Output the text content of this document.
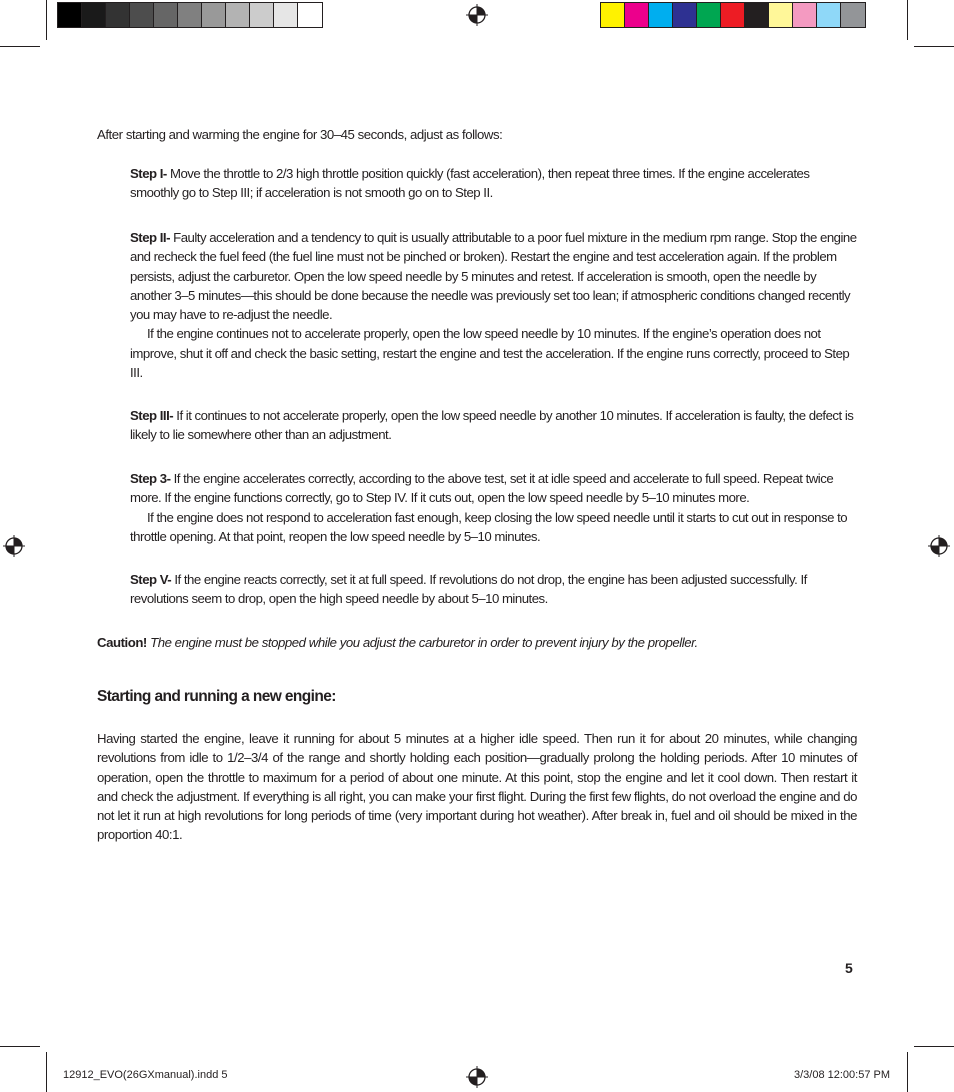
After starting and warming the engine for 30–45 seconds, adjust as follows:

Step I- Move the throttle to 2/3 high throttle position quickly (fast acceleration), then repeat three times. If the engine accelerates smoothly go to Step III; if acceleration is not smooth go on to Step II.
Step II- Faulty acceleration and a tendency to quit is usually attributable to a poor fuel mixture in the medium rpm range. Stop the engine and recheck the fuel feed (the fuel line must not be pinched or broken). Restart the engine and test acceleration again. If the problem persists, adjust the carburetor. Open the low speed needle by 5 minutes and retest. If acceleration is smooth, open the needle by another 3–5 minutes—this should be done because the needle was previously set too lean; if atmospheric conditions changed recently you may have to re-adjust the needle.
If the engine continues not to accelerate properly, open the low speed needle by 10 minutes. If the engine’s operation does not improve, shut it off and check the basic setting, restart the engine and test the acceleration. If the engine runs correctly, proceed to Step III.
Step III- If it continues to not accelerate properly, open the low speed needle by another 10 minutes. If acceleration is faulty, the defect is likely to lie somewhere other than an adjustment.
Step 3- If the engine accelerates correctly, according to the above test, set it at idle speed and accelerate to full speed. Repeat twice more. If the engine functions correctly, go to Step IV. If it cuts out, open the low speed needle by 5–10 minutes more.
If the engine does not respond to acceleration fast enough, keep closing the low speed needle until it starts to cut out in response to throttle opening. At that point, reopen the low speed needle by 5–10 minutes.
Step V- If the engine reacts correctly, set it at full speed. If revolutions do not drop, the engine has been adjusted successfully. If revolutions seem to drop, open the high speed needle by about 5–10 minutes.

Caution! The engine must be stopped while you adjust the carburetor in order to prevent injury by the propeller.

Starting and running a new engine:

Having started the engine, leave it running for about 5 minutes at a higher idle speed. Then run it for about 20 minutes, while changing revolutions from idle to 1/2–3/4 of the range and shortly holding each position—gradually prolong the holding periods. After 10 minutes of operation, open the throttle to maximum for a period of about one minute. At this point, stop the engine and let it cool down. Then restart it and check the adjustment. If everything is all right, you can make your first flight. During the first few flights, do not overload the engine and do not let it run at high revolutions for long periods of time (very important during hot weather). After break in, fuel and oil should be mixed in the proportion 40:1.

5
12912_EVO(26GXmanual).indd 5	3/3/08 12:00:57 PM
